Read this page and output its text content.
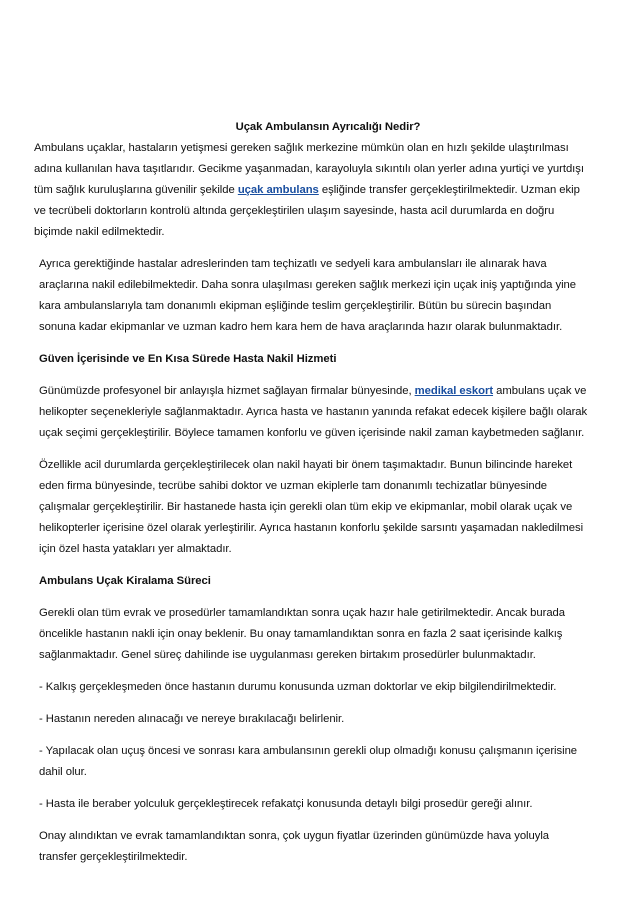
Uçak Ambulansın Ayrıcalığı Nedir?

Ambulans uçaklar, hastaların yetişmesi gereken sağlık merkezine mümkün olan en hızlı şekilde ulaştırılması adına kullanılan hava taşıtlarıdır. Gecikme yaşanmadan, karayoluyla sıkıntılı olan yerler adına yurtiçi ve yurtdışı tüm sağlık kuruluşlarına güvenilir şekilde uçak ambulans eşliğinde transfer gerçekleştirilmektedir. Uzman ekip ve tecrübeli doktorların kontrolü altında gerçekleştirilen ulaşım sayesinde, hasta acil durumlarda en doğru biçimde nakil edilmektedir.

Ayrıca gerektiğinde hastalar adreslerinden tam teçhizatlı ve sedyeli kara ambulansları ile alınarak hava araçlarına nakil edilebilmektedir. Daha sonra ulaşılması gereken sağlık merkezi için uçak iniş yaptığında yine kara ambulanslarıyla tam donanımlı ekipman eşliğinde teslim gerçekleştirilir. Bütün bu sürecin başından sonuna kadar ekipmanlar ve uzman kadro hem kara hem de hava araçlarında hazır olarak bulunmaktadır.

Güven İçerisinde ve En Kısa Sürede Hasta Nakil Hizmeti

Günümüzde profesyonel bir anlayışla hizmet sağlayan firmalar bünyesinde, medikal eskort ambulans uçak ve helikopter seçenekleriyle sağlanmaktadır. Ayrıca hasta ve hastanın yanında refakat edecek kişilere bağlı olarak uçak seçimi gerçekleştirilir. Böylece tamamen konforlu ve güven içerisinde nakil zaman kaybetmeden sağlanır.

Özellikle acil durumlarda gerçekleştirilecek olan nakil hayati bir önem taşımaktadır. Bunun bilincinde hareket eden firma bünyesinde, tecrübe sahibi doktor ve uzman ekiplerle tam donanımlı techizatlar bünyesinde çalışmalar gerçekleştirilir. Bir hastanede hasta için gerekli olan tüm ekip ve ekipmanlar, mobil olarak uçak ve helikopterler içerisine özel olarak yerleştirilir. Ayrıca hastanın konforlu şekilde sarsıntı yaşamadan nakledilmesi için özel hasta yatakları yer almaktadır.

Ambulans Uçak Kiralama Süreci

Gerekli olan tüm evrak ve prosedürler tamamlandıktan sonra uçak hazır hale getirilmektedir. Ancak burada öncelikle hastanın nakli için onay beklenir. Bu onay tamamlandıktan sonra en fazla 2 saat içerisinde kalkış sağlanmaktadır. Genel süreç dahilinde ise uygulanması gereken birtakım prosedürler bulunmaktadır.

- Kalkış gerçekleşmeden önce hastanın durumu konusunda uzman doktorlar ve ekip bilgilendirilmektedir.

- Hastanın nereden alınacağı ve nereye bırakılacağı belirlenir.

- Yapılacak olan uçuş öncesi ve sonrası kara ambulansının gerekli olup olmadığı konusu çalışmanın içerisine dahil olur.

- Hasta ile beraber yolculuk gerçekleştirecek refakatçi konusunda detaylı bilgi prosedür gereği alınır.

Onay alındıktan ve evrak tamamlandıktan sonra, çok uygun fiyatlar üzerinden günümüzde hava yoluyla transfer gerçekleştirilmektedir.
